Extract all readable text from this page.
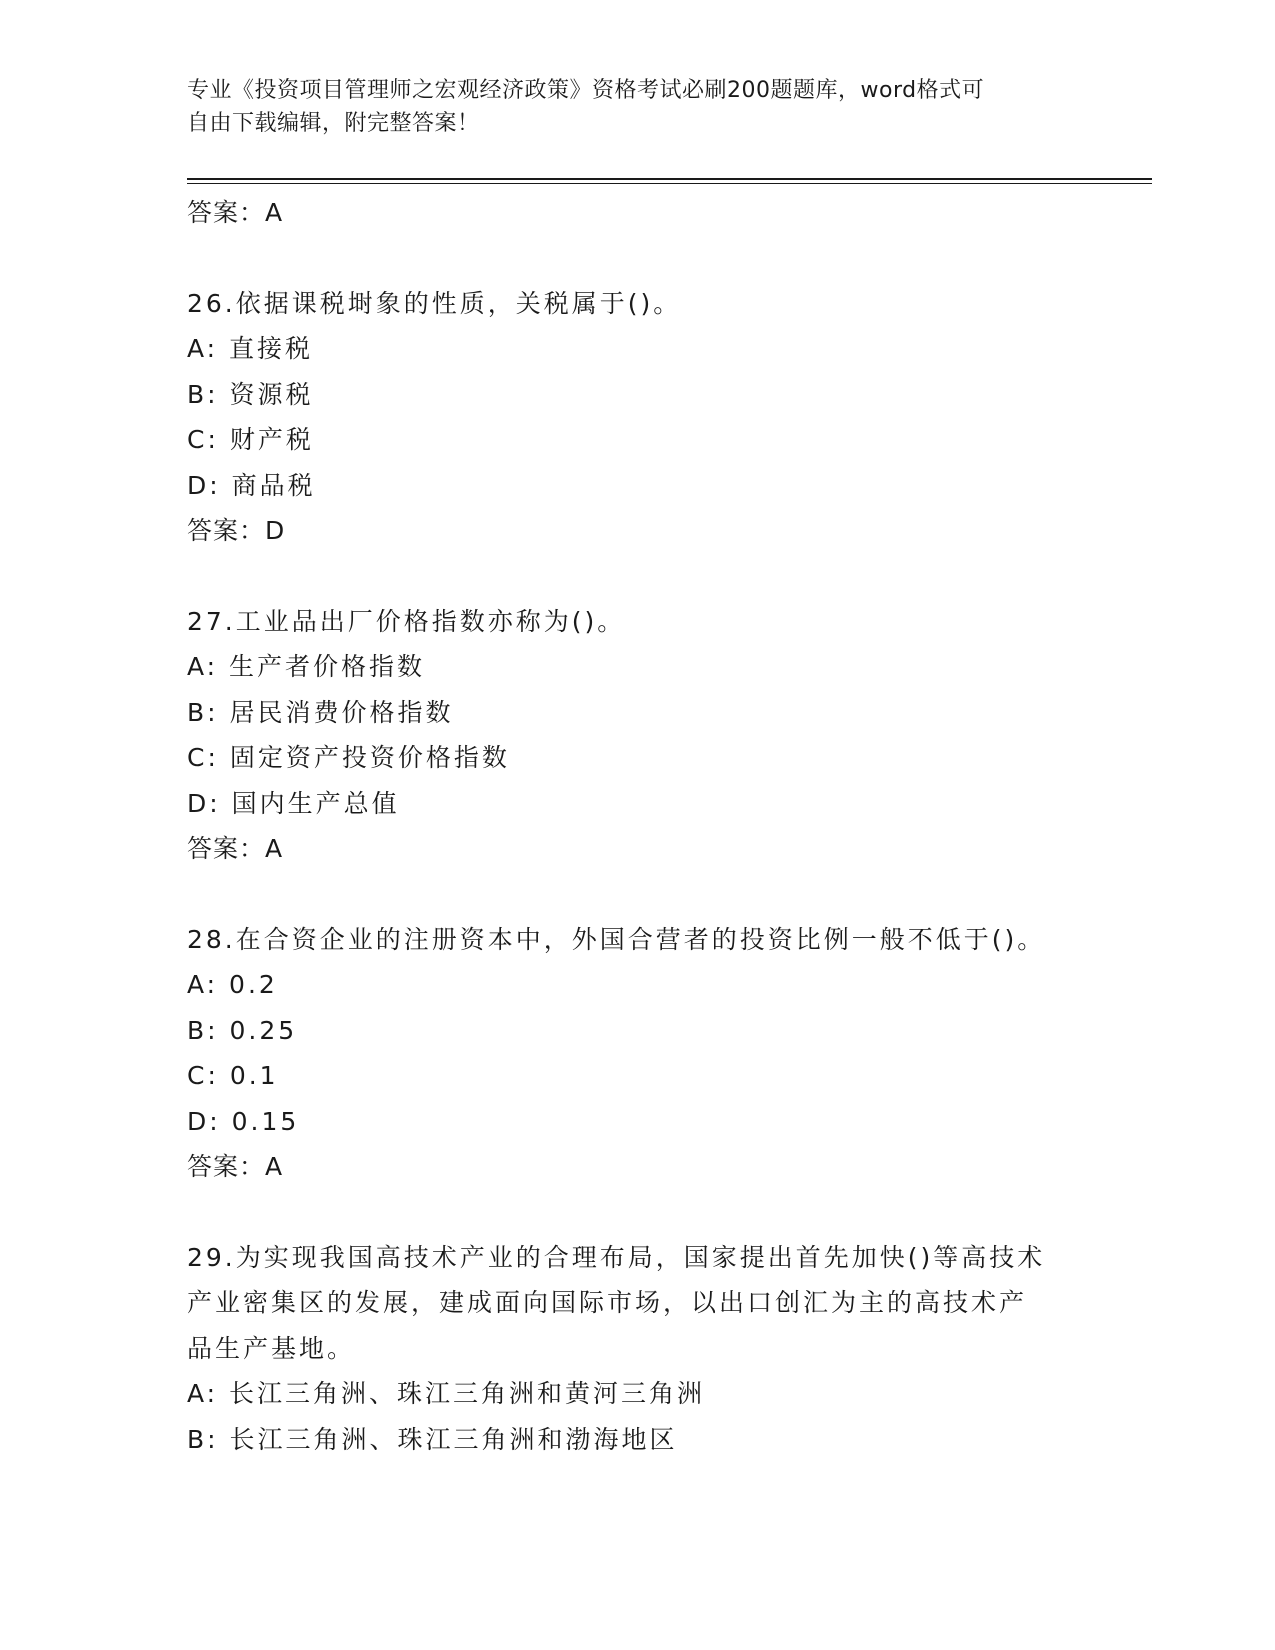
专业《投资项目管理师之宏观经济政策》资格考试必刷200题题库，word格式可
自由下载编辑，附完整答案！

答案：A

26.依据课税埘象的性质，关税属于()。

A: 直接税

B: 资源税

C: 财产税

D: 商品税

答案：D

27.工业品出厂价格指数亦称为()。

A: 生产者价格指数

B: 居民消费价格指数

C: 固定资产投资价格指数

D: 国内生产总值

答案：A

28.在合资企业的注册资本中，外国合营者的投资比例一般不低于()。

A: 0.2

B: 0.25

C: 0.1

D: 0.15

答案：A

29.为实现我国高技术产业的合理布局，国家提出首先加快()等高技术

产业密集区的发展，建成面向国际市场，以出口创汇为主的高技术产

品生产基地。

A: 长江三角洲、珠江三角洲和黄河三角洲

B: 长江三角洲、珠江三角洲和渤海地区
